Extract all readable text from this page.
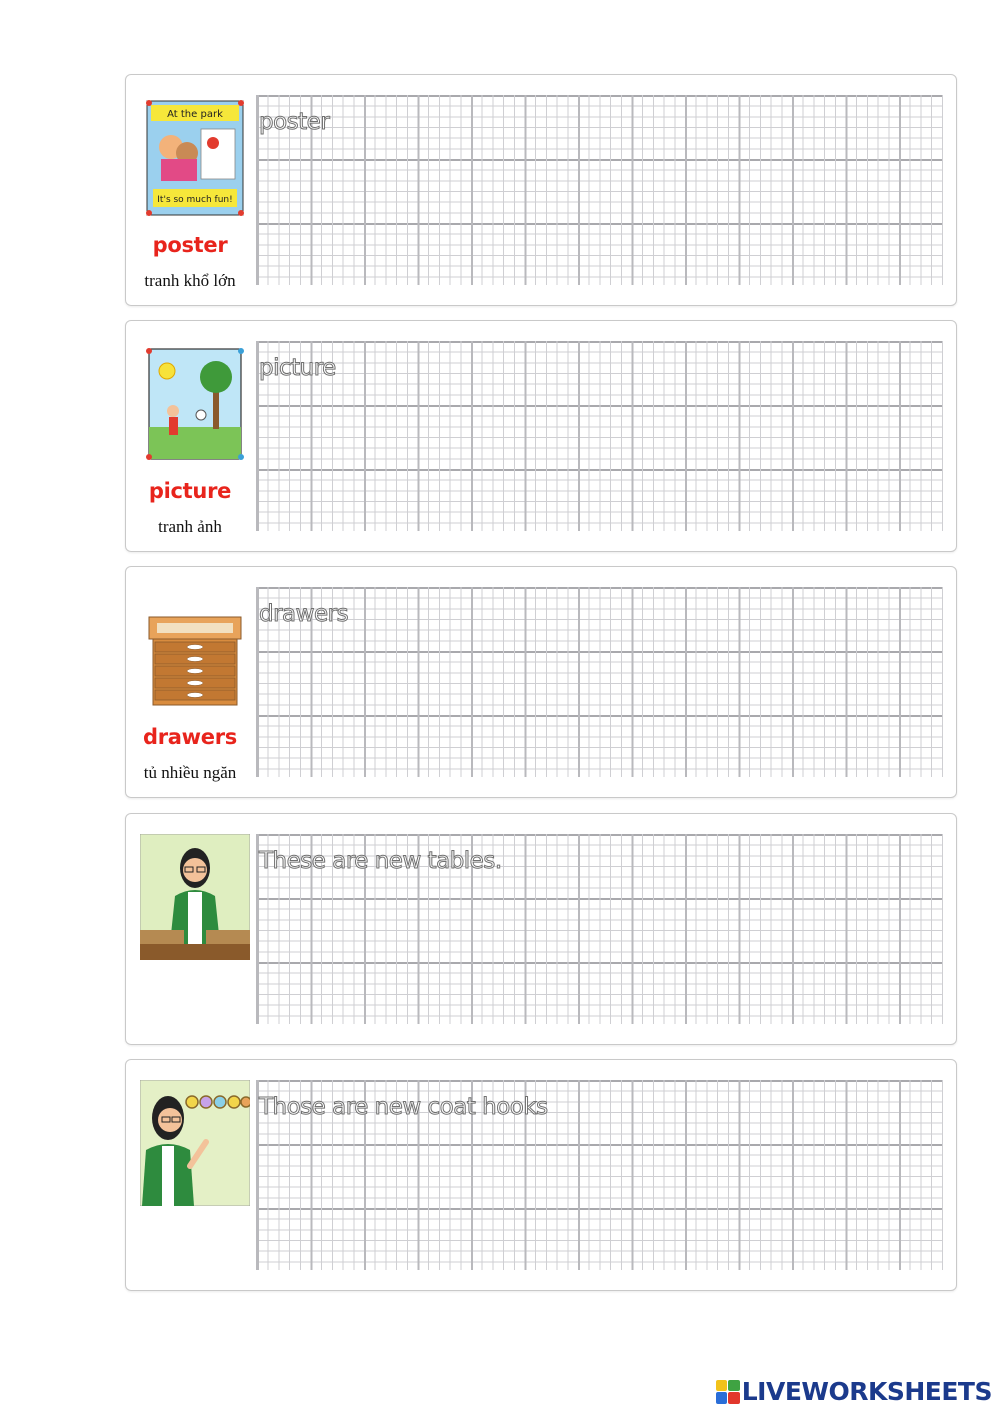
At the park
It's so much fun!
poster
tranh khổ lớn
poster
picture
tranh ảnh
picture
drawers
tủ nhiều ngăn
drawers
These are new tables.
Those are new coat hooks
LIVEWORKSHEETS
